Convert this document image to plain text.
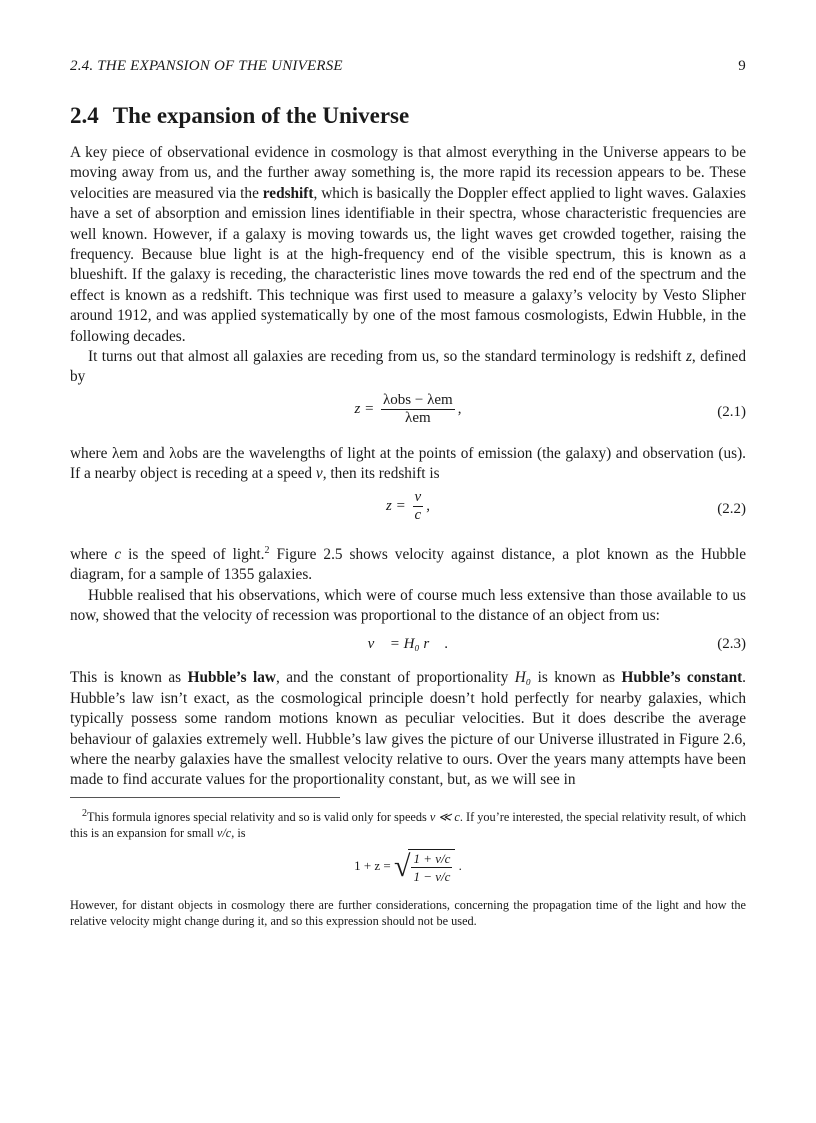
2.4. THE EXPANSION OF THE UNIVERSE	9
2.4 The expansion of the Universe

A key piece of observational evidence in cosmology is that almost everything in the Universe appears to be moving away from us, and the further away something is, the more rapid its recession appears to be. These velocities are measured via the redshift, which is basically the Doppler effect applied to light waves. Galaxies have a set of absorption and emission lines identifiable in their spectra, whose characteristic frequencies are well known. However, if a galaxy is moving towards us, the light waves get crowded together, raising the frequency. Because blue light is at the high-frequency end of the visible spectrum, this is known as a blueshift. If the galaxy is receding, the characteristic lines move towards the red end of the spectrum and the effect is known as a redshift. This technique was first used to measure a galaxy’s velocity by Vesto Slipher around 1912, and was applied systematically by one of the most famous cosmologists, Edwin Hubble, in the following decades.

It turns out that almost all galaxies are receding from us, so the standard terminology is redshift z, defined by

$z = \frac{\text{λobs − λem}}{\text{λem}}$ ,	(2.1)

where λem and λobs are the wavelengths of light at the points of emission (the galaxy) and observation (us). If a nearby object is receding at a speed v, then its redshift is

$z = \frac{v}{c}$ ,	(2.2)

where c is the speed of light.$^2$ Figure 2.5 shows velocity against distance, a plot known as the Hubble diagram, for a sample of 1355 galaxies.

Hubble realised that his observations, which were of course much less extensive than those available to us now, showed that the velocity of recession was proportional to the distance of an object from us:

v⃗ = H₀ r⃗ .	(2.3)

This is known as Hubble’s law, and the constant of proportionality H₀ is known as Hubble’s constant. Hubble’s law isn’t exact, as the cosmological principle doesn’t hold perfectly for nearby galaxies, which typically possess some random motions known as peculiar velocities. But it does describe the average behaviour of galaxies extremely well. Hubble’s law gives the picture of our Universe illustrated in Figure 2.6, where the nearby galaxies have the smallest velocity relative to ours. Over the years many attempts have been made to find accurate values for the proportionality constant, but, as we will see in

$^2$This formula ignores special relativity and so is valid only for speeds v ≪ c. If you’re interested, the special relativity result, of which this is an expansion for small v/c, is
1 + z = √ $\frac{1 + v/c}{1 - v/c}$ .
However, for distant objects in cosmology there are further considerations, concerning the propagation time of the light and how the relative velocity might change during it, and so this expression should not be used.
